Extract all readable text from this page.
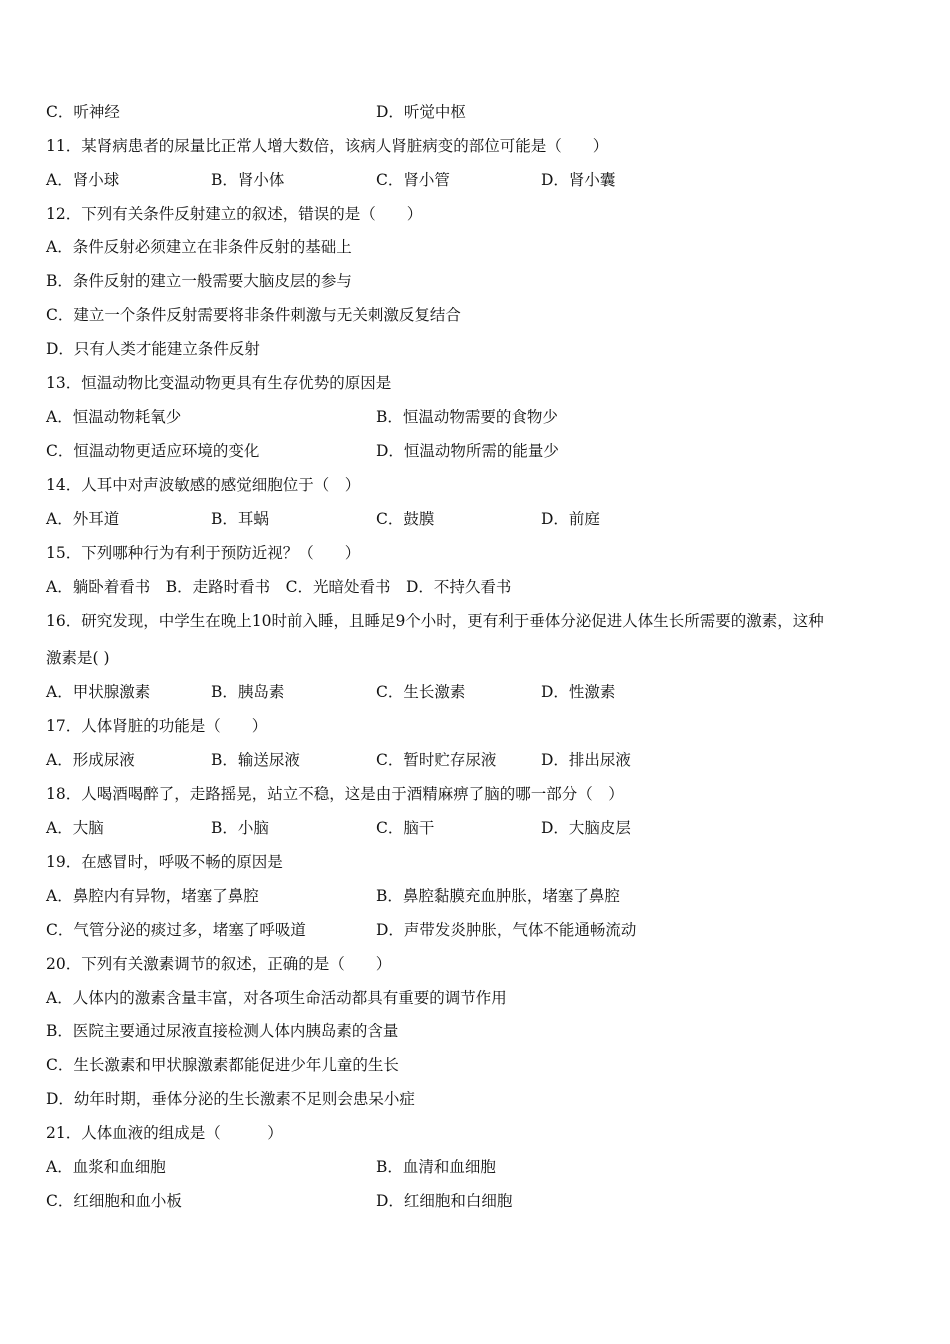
C．听神经	D．听觉中枢
11．某肾病患者的尿量比正常人增大数倍，该病人肾脏病变的部位可能是（　　）
A．肾小球	B．肾小体	C．肾小管	D．肾小囊
12．下列有关条件反射建立的叙述，错误的是（　　）
A．条件反射必须建立在非条件反射的基础上
B．条件反射的建立一般需要大脑皮层的参与
C．建立一个条件反射需要将非条件刺激与无关刺激反复结合
D．只有人类才能建立条件反射
13．恒温动物比变温动物更具有生存优势的原因是
A．恒温动物耗氧少	B．恒温动物需要的食物少
C．恒温动物更适应环境的变化	D．恒温动物所需的能量少
14．人耳中对声波敏感的感觉细胞位于（　）
A．外耳道	B．耳蜗	C．鼓膜	D．前庭
15．下列哪种行为有利于预防近视？（　　）
A．躺卧着看书　B．走路时看书　C．光暗处看书　D．不持久看书
16．研究发现，中学生在晚上10时前入睡，且睡足9个小时，更有利于垂体分泌促进人体生长所需要的激素，这种
激素是( )
A．甲状腺激素	B．胰岛素	C．生长激素	D．性激素
17．人体肾脏的功能是（　　）
A．形成尿液	B．输送尿液	C．暂时贮存尿液	D．排出尿液
18．人喝酒喝醉了，走路摇晃，站立不稳，这是由于酒精麻痹了脑的哪一部分（　）
A．大脑	B．小脑	C．脑干	D．大脑皮层
19．在感冒时，呼吸不畅的原因是
A．鼻腔内有异物，堵塞了鼻腔	B．鼻腔黏膜充血肿胀，堵塞了鼻腔
C．气管分泌的痰过多，堵塞了呼吸道	D．声带发炎肿胀，气体不能通畅流动
20．下列有关激素调节的叙述，正确的是（　　）
A．人体内的激素含量丰富，对各项生命活动都具有重要的调节作用
B．医院主要通过尿液直接检测人体内胰岛素的含量
C．生长激素和甲状腺激素都能促进少年儿童的生长
D．幼年时期，垂体分泌的生长激素不足则会患呆小症
21．人体血液的组成是（　　　）
A．血浆和血细胞	B．血清和血细胞
C．红细胞和血小板	D．红细胞和白细胞
